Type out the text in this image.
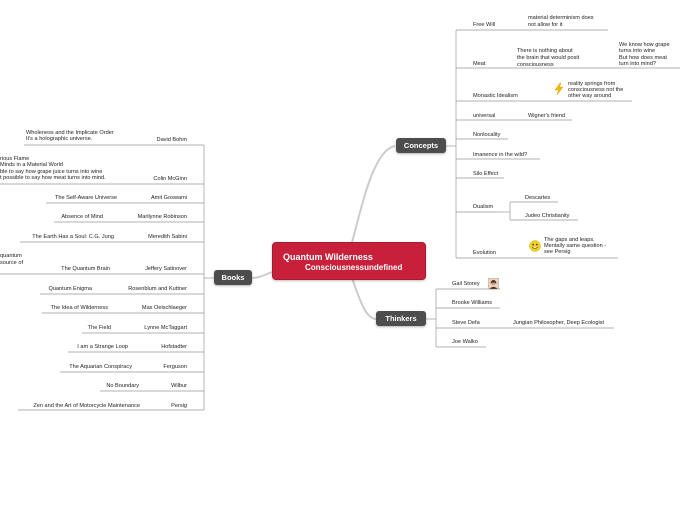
Quantum Wilderness
Consciousnessundefined
Concepts
Thinkers
Books
Free Will
material determinism does
not allow for it
Meat
There is nothing about
the brain that would posit
consciousness
We know how grape
turns into wine
But how does meat
turn into mind?
Monastic Idealism
reality springs from
consciousness not the
other way around
universal	Wigner's friend
Nonlocality
Imanence in the wild?
Silo Effect
Dualism
Descartes
Judeo Christianity
Evolution
The gaps and leaps.
Mentally same question -
see Persig
Gail Storey
Brooke Williams
Steve Defa	Jungian Philosopher, Deep Ecologist
Joe Walko
David Bohm
Wholeness and the Implicate Order
It's a holographic universe.
Colin McGinn
rious Flame
Minds in a Material World
ble to say how grape juice turns into wine
t possible to say how meat turns into mind.
Amit Goswami
The Self-Aware Universe
Marilynne Robinson
Absence of Mind
Meredith Sabini
The Earth Has a Soul: C.G. Jung
Jeffery Satinover
The Quantum Brain
quantum
source of
Rosenblum and Kuttner
Quantum Enigma
Max Oelschlaeger
The Idea of Wilderness
Lynne McTaggart
The Field
Hofstadter
I am a Strange Loop
Ferguson
The Aquarian Conspiracy
Wilbur
No Boundary
Persig
Zen and the Art of Motorcycle Maintenance
